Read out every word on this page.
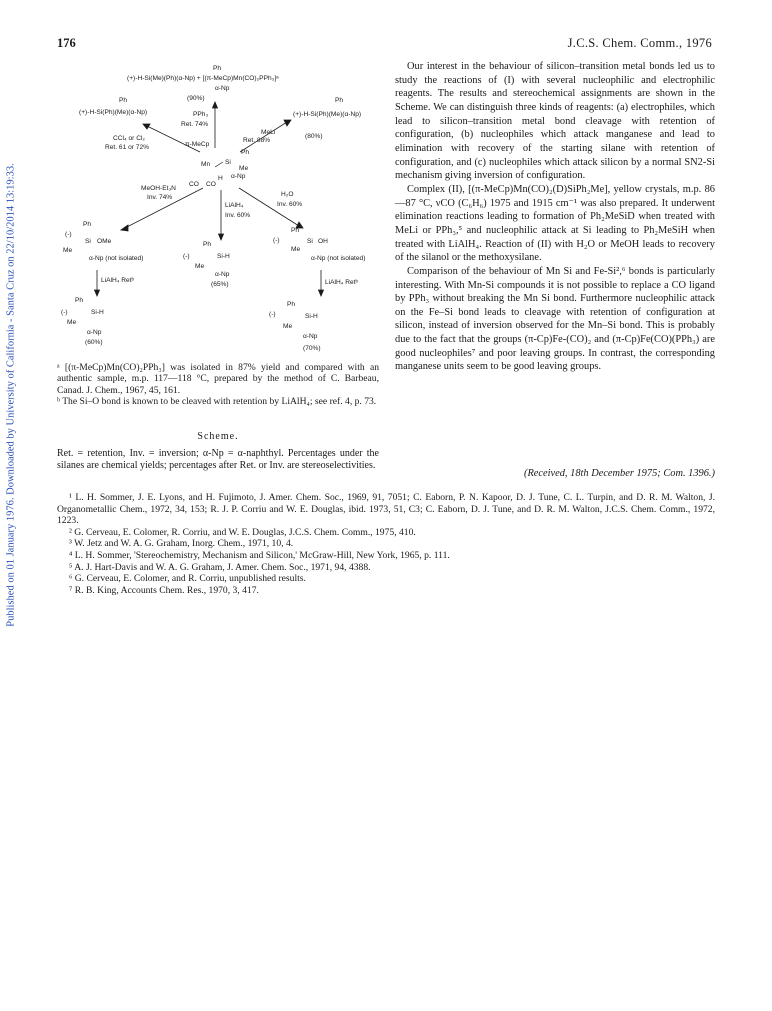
Published on 01 January 1976. Downloaded by University of California - Santa Cruz on 22/10/2014 13:19:33.
176	J.C.S. Chem. Comm., 1976
Ph
(+)-H-Si(Me)(Ph)(α-Np) + [(π-MeCp)Mn(CO)₂PPh₃]ᵃ
α-Np
(90%)
PPh₃
Ret. 74%
Ph
(+)-H-Si(Ph)(Me)(α-Np)
CCl₄ or Cl₂
Ret. 61 or 72%	π-MeCp
Ph
(+)-H-Si(Ph)(Me)(α-Np)
(80%)
MeLi
Ret. 88%
Ph
Mn Si
Me
α-Np
CO CO
H
MeOH-Et₃N
Inv. 74%
LiAlH₄
Inv. 60%
H₂O
Inv. 60%
Ph
(-)
Si OMe
Me
α-Np (not isolated)
Ph
(-)	Si-H
Me
α-Np
(65%)
Ph
(-)	Si OH
Me
α-Np (not isolated)
LiAlH₄ Retᵇ	LiAlH₄ Retᵇ
Ph
(-)	Si-H
Me
α-Np
(60%)
Ph
(-)	Si-H
Me
α-Np
(70%)

ᵃ [(π-MeCp)Mn(CO)₂PPh₃] was isolated in 87% yield and compared with an authentic sample, m.p. 117—118 °C, prepared by the method of C. Barbeau, Canad. J. Chem., 1967, 45, 161.

ᵇ The Si–O bond is known to be cleaved with retention by LiAlH₄; see ref. 4, p. 73.

Scheme.
Ret. = retention, Inv. = inversion; α-Np = α-naphthyl. Percentages under the silanes are chemical yields; percentages after Ret. or Inv. are stereoselectivities.

Our interest in the behaviour of silicon–transition metal bonds led us to study the reactions of (I) with several nucleophilic and electrophilic reagents. The results and stereochemical assignments are shown in the Scheme. We can distinguish three kinds of reagents: (a) electrophiles, which lead to silicon–transition metal bond cleavage with retention of configuration, (b) nucleophiles which attack manganese and lead to elimination with recovery of the starting silane with retention of configuration, and (c) nucleophiles which attack silicon by a normal SN2-Si mechanism giving inversion of configuration.

Complex (II), [(π-MeCp)Mn(CO)₂(D)SiPh₂Me], yellow crystals, m.p. 86—87 °C, νCO (C₆H₆) 1975 and 1915 cm⁻¹ was also prepared. It underwent elimination reactions leading to formation of Ph₂MeSiD when treated with MeLi or PPh₃,⁵ and nucleophilic attack at Si leading to Ph₂MeSiH when treated with LiAlH₄. Reaction of (II) with H₂O or MeOH leads to recovery of the silanol or the methoxysilane.

Comparison of the behaviour of Mn Si and Fe-Si²,⁶ bonds is particularly interesting. With Mn-Si compounds it is not possible to replace a CO ligand by PPh₃ without breaking the Mn Si bond. Furthermore nucleophilic attack on the Fe–Si bond leads to cleavage with retention of configuration at silicon, instead of inversion observed for the Mn–Si bond. This is probably due to the fact that the groups (π-Cp)Fe-(CO)₂ and (π-Cp)Fe(CO)(PPh₃) are good nucleophiles⁷ and poor leaving groups. In contrast, the corresponding manganese units seem to be good leaving groups.

(Received, 18th December 1975; Com. 1396.)

¹ L. H. Sommer, J. E. Lyons, and H. Fujimoto, J. Amer. Chem. Soc., 1969, 91, 7051; C. Eaborn, P. N. Kapoor, D. J. Tune, C. L. Turpin, and D. R. M. Walton, J. Organometallic Chem., 1972, 34, 153; R. J. P. Corriu and W. E. Douglas, ibid. 1973, 51, C3; C. Eaborn, D. J. Tune, and D. R. M. Walton, J.C.S. Chem. Comm., 1972, 1223.

² G. Cerveau, E. Colomer, R. Corriu, and W. E. Douglas, J.C.S. Chem. Comm., 1975, 410.

³ W. Jetz and W. A. G. Graham, Inorg. Chem., 1971, 10, 4.

⁴ L. H. Sommer, 'Stereochemistry, Mechanism and Silicon,' McGraw-Hill, New York, 1965, p. 111.

⁵ A. J. Hart-Davis and W. A. G. Graham, J. Amer. Chem. Soc., 1971, 94, 4388.

⁶ G. Cerveau, E. Colomer, and R. Corriu, unpublished results.

⁷ R. B. King, Accounts Chem. Res., 1970, 3, 417.
